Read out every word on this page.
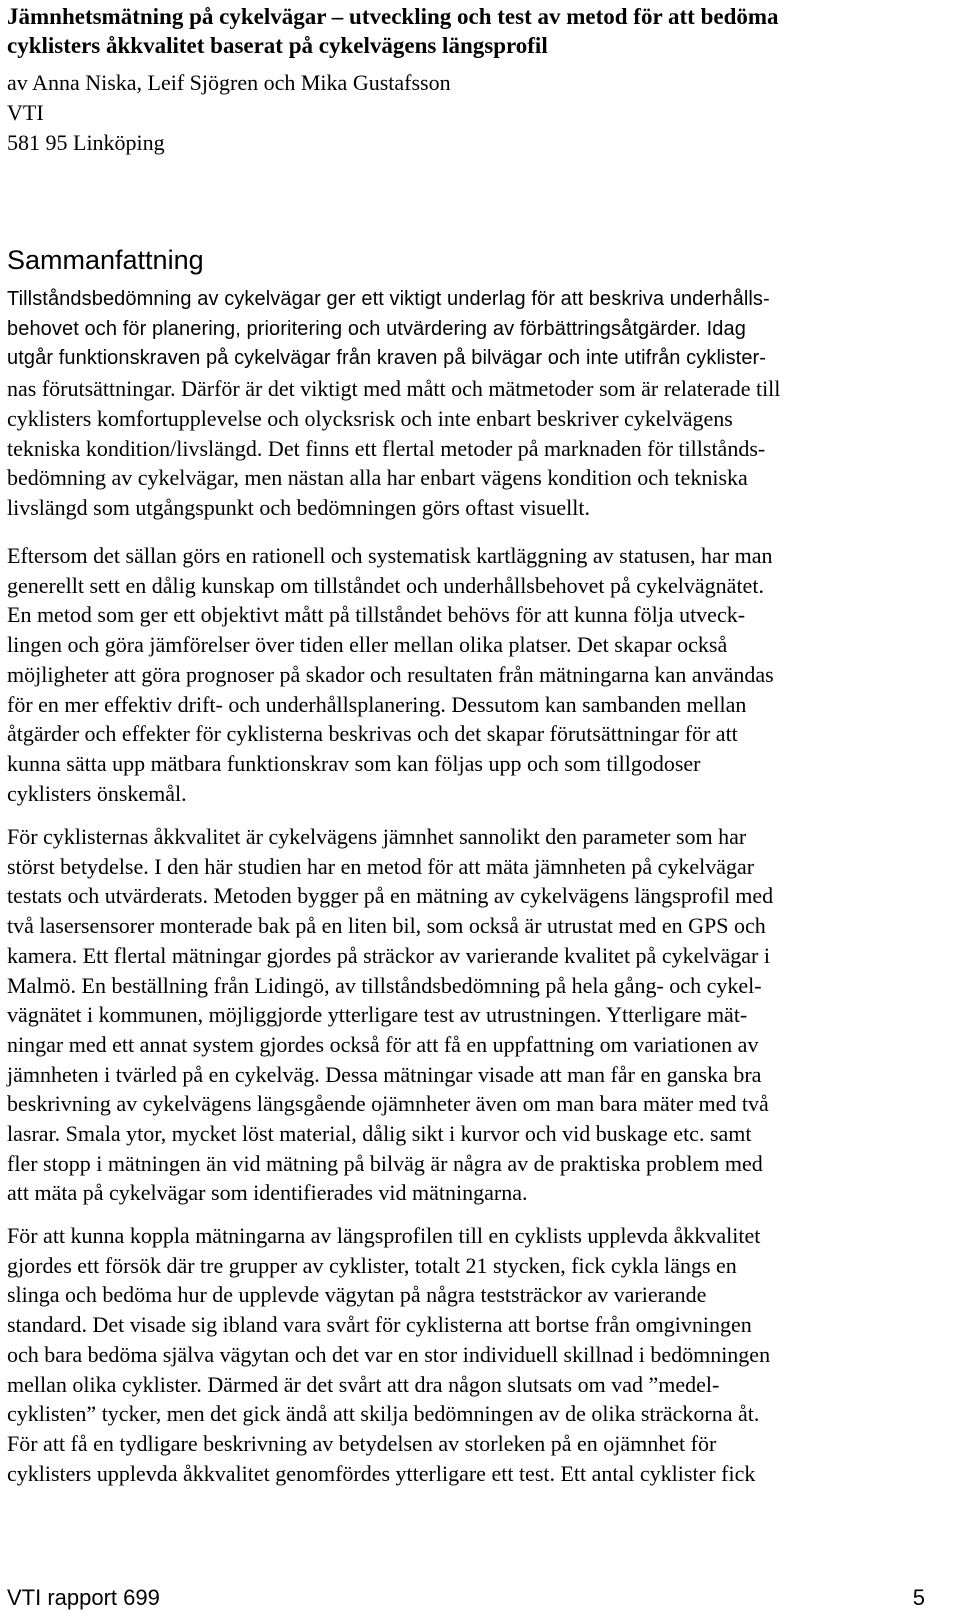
Jämnhetsmätning på cykelvägar – utveckling och test av metod för att bedöma
cyklisters åkkvalitet baserat på cykelvägens längsprofil
av Anna Niska, Leif Sjögren och Mika Gustafsson
VTI
581 95 Linköping
Sammanfattning
Tillståndsbedömning av cykelvägar ger ett viktigt underlag för att beskriva underhålls-
behovet och för planering, prioritering och utvärdering av förbättringsåtgärder. Idag
utgår funktionskraven på cykelvägar från kraven på bilvägar och inte utifrån cyklister-
nas förutsättningar. Därför är det viktigt med mått och mätmetoder som är relaterade till
cyklisters komfortupplevelse och olycksrisk och inte enbart beskriver cykelvägens
tekniska kondition/livslängd. Det finns ett flertal metoder på marknaden för tillstånds-
bedömning av cykelvägar, men nästan alla har enbart vägens kondition och tekniska
livslängd som utgångspunkt och bedömningen görs oftast visuellt.
Eftersom det sällan görs en rationell och systematisk kartläggning av statusen, har man
generellt sett en dålig kunskap om tillståndet och underhållsbehovet på cykelvägnätet.
En metod som ger ett objektivt mått på tillståndet behövs för att kunna följa utveck-
lingen och göra jämförelser över tiden eller mellan olika platser. Det skapar också
möjligheter att göra prognoser på skador och resultaten från mätningarna kan användas
för en mer effektiv drift- och underhållsplanering. Dessutom kan sambanden mellan
åtgärder och effekter för cyklisterna beskrivas och det skapar förutsättningar för att
kunna sätta upp mätbara funktionskrav som kan följas upp och som tillgodoser
cyklisters önskemål.
För cyklisternas åkkvalitet är cykelvägens jämnhet sannolikt den parameter som har
störst betydelse. I den här studien har en metod för att mäta jämnheten på cykelvägar
testats och utvärderats. Metoden bygger på en mätning av cykelvägens längsprofil med
två lasersensorer monterade bak på en liten bil, som också är utrustat med en GPS och
kamera. Ett flertal mätningar gjordes på sträckor av varierande kvalitet på cykelvägar i
Malmö. En beställning från Lidingö, av tillståndsbedömning på hela gång- och cykel-
vägnätet i kommunen, möjliggjorde ytterligare test av utrustningen. Ytterligare mät-
ningar med ett annat system gjordes också för att få en uppfattning om variationen av
jämnheten i tvärled på en cykelväg. Dessa mätningar visade att man får en ganska bra
beskrivning av cykelvägens längsgående ojämnheter även om man bara mäter med två
lasrar. Smala ytor, mycket löst material, dålig sikt i kurvor och vid buskage etc. samt
fler stopp i mätningen än vid mätning på bilväg är några av de praktiska problem med
att mäta på cykelvägar som identifierades vid mätningarna.
För att kunna koppla mätningarna av längsprofilen till en cyklists upplevda åkkvalitet
gjordes ett försök där tre grupper av cyklister, totalt 21 stycken, fick cykla längs en
slinga och bedöma hur de upplevde vägytan på några teststräckor av varierande
standard. Det visade sig ibland vara svårt för cyklisterna att bortse från omgivningen
och bara bedöma själva vägytan och det var en stor individuell skillnad i bedömningen
mellan olika cyklister. Därmed är det svårt att dra någon slutsats om vad ”medel-
cyklisten” tycker, men det gick ändå att skilja bedömningen av de olika sträckorna åt.
För att få en tydligare beskrivning av betydelsen av storleken på en ojämnhet för
cyklisters upplevda åkkvalitet genomfördes ytterligare ett test. Ett antal cyklister fick
VTI rapport 699	5
